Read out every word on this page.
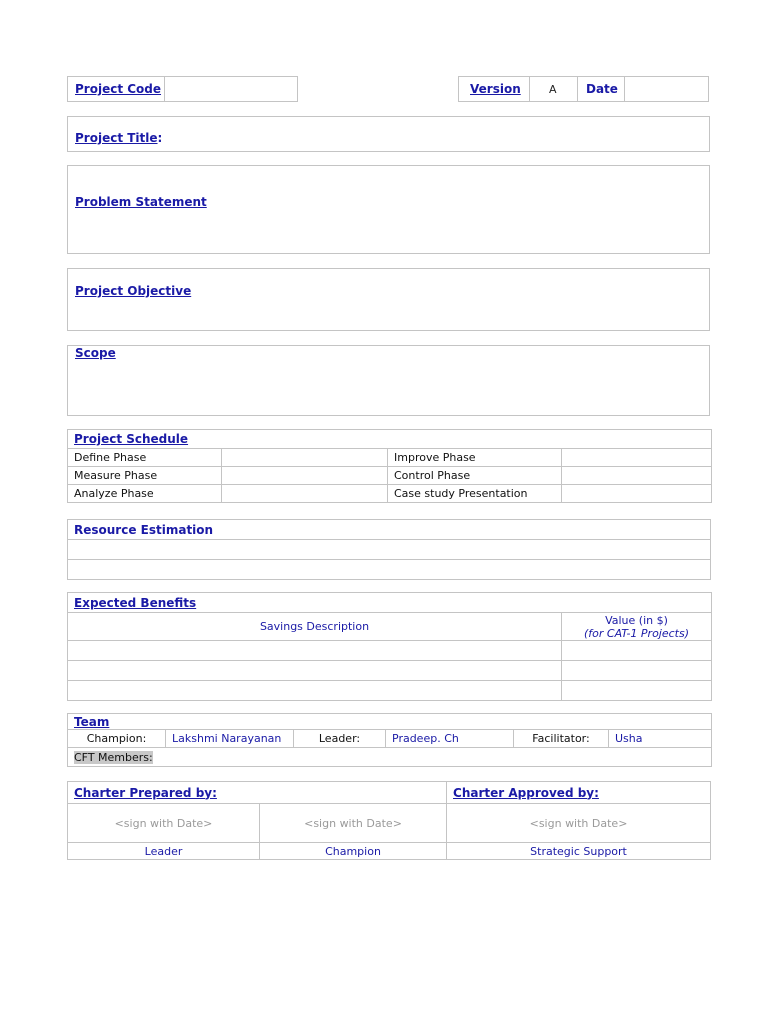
Project Code	Version	A Date
Project Title:
Problem Statement
Project Objective
Scope
Project Schedule			
Define Phase		Improve Phase	
Measure Phase		Control Phase	
Analyze Phase		Case study Presentation	
Resource Estimation

Expected Benefits	
Savings Description	Value (in $)
(for CAT-1 Projects)

Team
Champion:	Lakshmi Narayanan	Leader:	Pradeep. Ch	Facilitator:	Usha
CFT Members:
Charter Prepared by:		Charter Approved by:
<sign with Date>	<sign with Date>	<sign with Date>
Leader	Champion	Strategic Support
